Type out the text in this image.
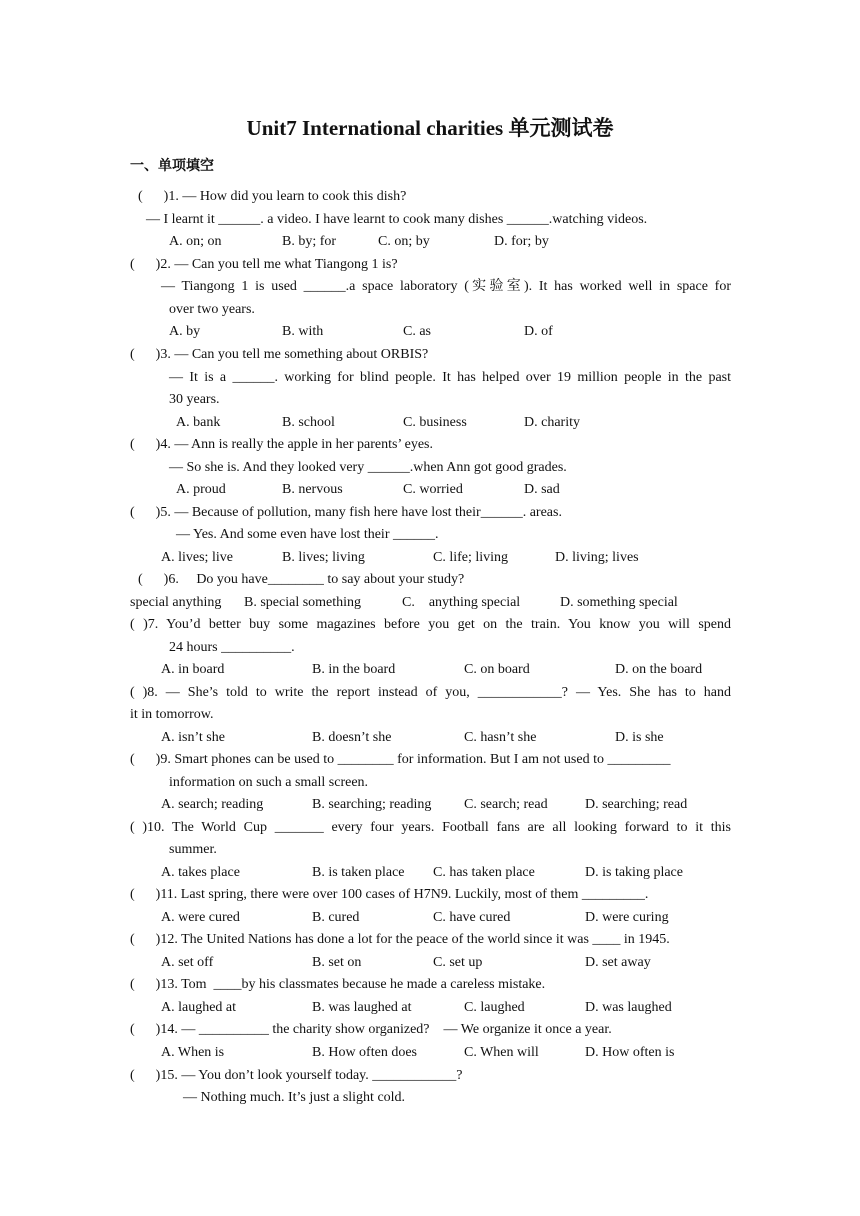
Unit7 International charities 单元测试卷
一、单项填空
(      )1. — How did you learn to cook this dish?
— I learnt it ______. a video. I have learnt to cook many dishes ______.watching videos.
A. on; on	B. by; for	C. on; by	D. for; by
(      )2. — Can you tell me what Tiangong 1 is?
— Tiangong 1 is used ______.a space laboratory (实验室). It has worked well in space for
over two years.
A. by	B. with	C. as	D. of
(      )3. — Can you tell me something about ORBIS?
— It is a ______. working for blind people. It has helped over 19 million people in the past
30 years.
A. bank	B. school	C. business	D. charity
(      )4. — Ann is really the apple in her parents’ eyes.
— So she is. And they looked very ______.when Ann got good grades.
A. proud	B. nervous	C. worried	D. sad
(      )5. — Because of pollution, many fish here have lost their______. areas.
— Yes. And some even have lost their ______.
A. lives; live	B. lives; living	C. life; living	D. living; lives
(      )6.     Do you have________ to say about your study?
special anything B. special something	C.    anything special	D. something special
( )7. You’d better buy some magazines before you get on the train. You know you will spend
24 hours __________.
A. in board	B. in the board	C. on board	D. on the board
( )8. — She’s told to write the report instead of you, ____________? — Yes. She has to hand
it in tomorrow.
A. isn’t she	B. doesn’t she	C. hasn’t she	D. is she
(      )9. Smart phones can be used to ________ for information. But I am not used to _________
information on such a small screen.
A. search; reading	B. searching; reading C. search; read	D. searching; read
( )10. The World Cup _______ every four years. Football fans are all looking forward to it this
summer.
A. takes place	B. is taken place C. has taken place	D. is taking place
(      )11. Last spring, there were over 100 cases of H7N9. Luckily, most of them _________.
A. were cured	B. cured	C. have cured	D. were curing
(      )12. The United Nations has done a lot for the peace of the world since it was ____ in 1945.
A. set off	B. set on	C. set up	D. set away
(      )13. Tom  ____by his classmates because he made a careless mistake.
A. laughed at	B. was laughed at	C. laughed	D. was laughed
(      )14. — __________ the charity show organized?    — We organize it once a year.
A. When is	B. How often does	C. When will	D. How often is
(      )15. — You don’t look yourself today. ____________?
— Nothing much. It’s just a slight cold.
